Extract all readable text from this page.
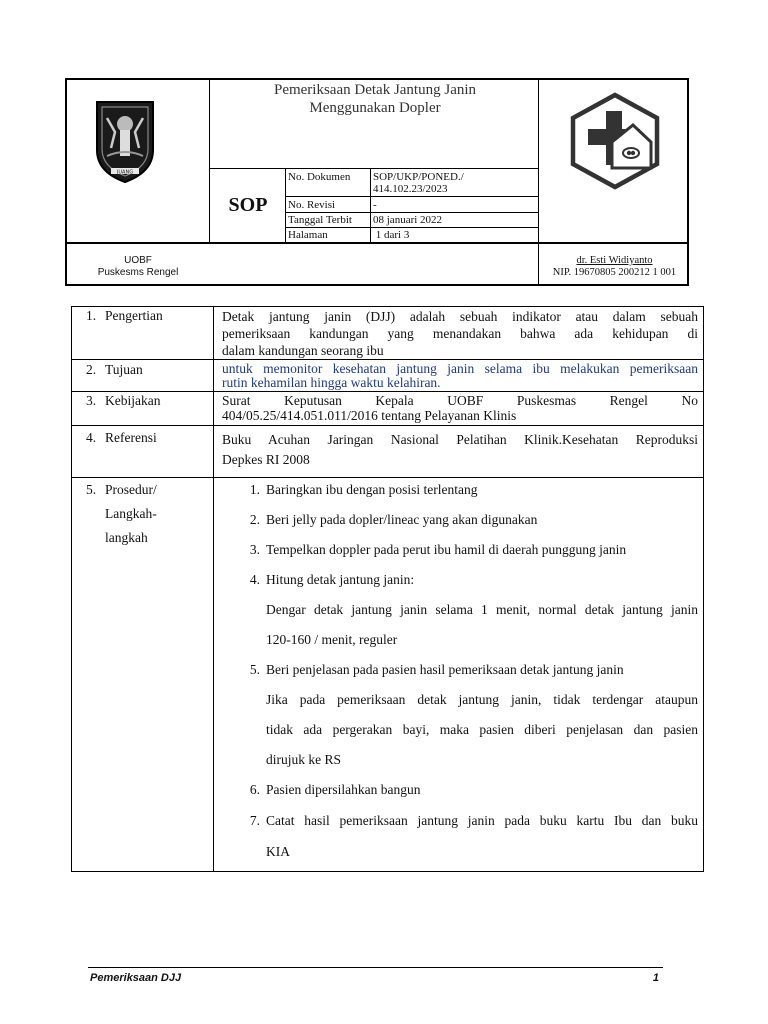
JUANG
Pemeriksaan Detak Jantung Janin
Menggunakan Dopler
SOP
No. Dokumen SOP/UKP/PONED./
414.102.23/2023
No. Revisi	-
Tanggal Terbit 08 januari 2022
Halaman	1 dari 3
UOBF
Puskesms Rengel
dr. Esti Widiyanto
NIP. 19670805 200212 1 001
1. Pengertian	Detak jantung janin (DJJ) adalah sebuah indikator atau dalam sebuah
pemeriksaan kandungan yang menandakan bahwa ada kehidupan di
dalam kandungan seorang ibu
2. Tujuan	untuk memonitor kesehatan jantung janin selama ibu melakukan pemeriksaan
rutin kehamilan hingga waktu kelahiran.
3. Kebijakan	Surat Keputusan Kepala UOBF Puskesmas Rengel No
404/05.25/414.051.011/2016 tentang Pelayanan Klinis
4. Referensi	Buku Acuhan Jaringan Nasional Pelatihan Klinik.Kesehatan Reproduksi
Depkes RI 2008
5. Prosedur/
Langkah-
langkah
1. Baringkan ibu dengan posisi terlentang
2. Beri jelly pada dopler/lineac yang akan digunakan
3. Tempelkan doppler pada perut ibu hamil di daerah punggung janin
4. Hitung detak jantung janin:
Dengar detak jantung janin selama 1 menit, normal detak jantung janin
120-160 / menit, reguler
5. Beri penjelasan pada pasien hasil pemeriksaan detak jantung janin
Jika pada pemeriksaan detak jantung janin, tidak terdengar ataupun
tidak ada pergerakan bayi, maka pasien diberi penjelasan dan pasien
dirujuk ke RS
6. Pasien dipersilahkan bangun
7. Catat hasil pemeriksaan jantung janin pada buku kartu Ibu dan buku
KIA
Pemeriksaan DJJ	1
